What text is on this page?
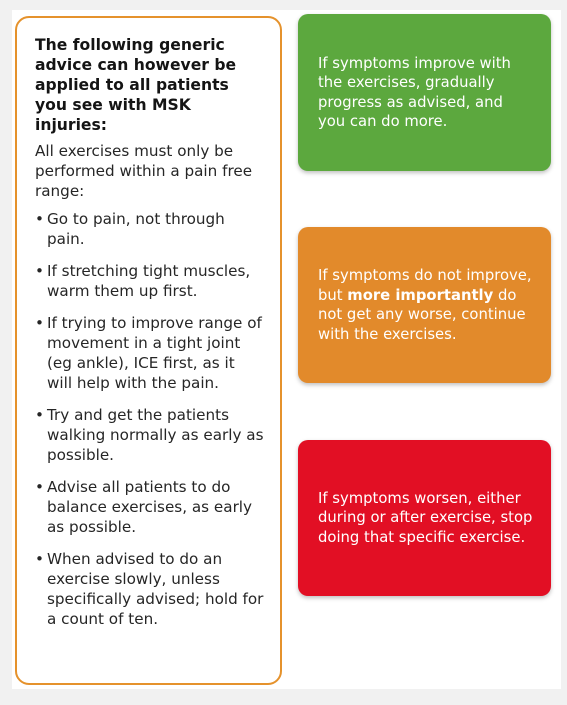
The following generic advice can however be applied to all patients you see with MSK injuries:

All exercises must only be performed within a pain free range:

• Go to pain, not through pain.
• If stretching tight muscles, warm them up first.
• If trying to improve range of movement in a tight joint (eg ankle), ICE first, as it will help with the pain.
• Try and get the patients walking normally as early as possible.
• Advise all patients to do balance exercises, as early as possible.
• When advised to do an exercise slowly, unless specifically advised; hold for a count of ten.

If symptoms improve with the exercises, gradually progress as advised, and you can do more.

If symptoms do not improve, but more importantly do not get any worse, continue with the exercises.

If symptoms worsen, either during or after exercise, stop doing that specific exercise.
